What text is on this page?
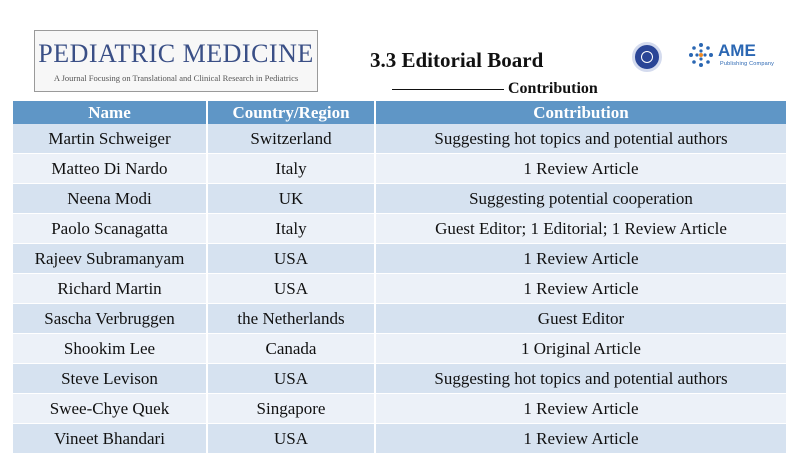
PEDIATRIC MEDICINE
A Journal Focusing on Translational and Clinical Research in Pediatrics
3.3 Editorial Board	AME
Publishing Company
Contribution
Name	Country/Region	Contribution
Martin Schweiger	Switzerland	Suggesting hot topics and potential authors
Matteo Di Nardo	Italy	1 Review Article
Neena Modi	UK	Suggesting potential cooperation
Paolo Scanagatta	Italy	Guest Editor; 1 Editorial; 1 Review Article
Rajeev Subramanyam	USA	1 Review Article
Richard Martin	USA	1 Review Article
Sascha Verbruggen	the Netherlands	Guest Editor
Shookim Lee	Canada	1 Original Article
Steve Levison	USA	Suggesting hot topics and potential authors
Swee-Chye Quek	Singapore	1 Review Article
Vineet Bhandari	USA	1 Review Article
